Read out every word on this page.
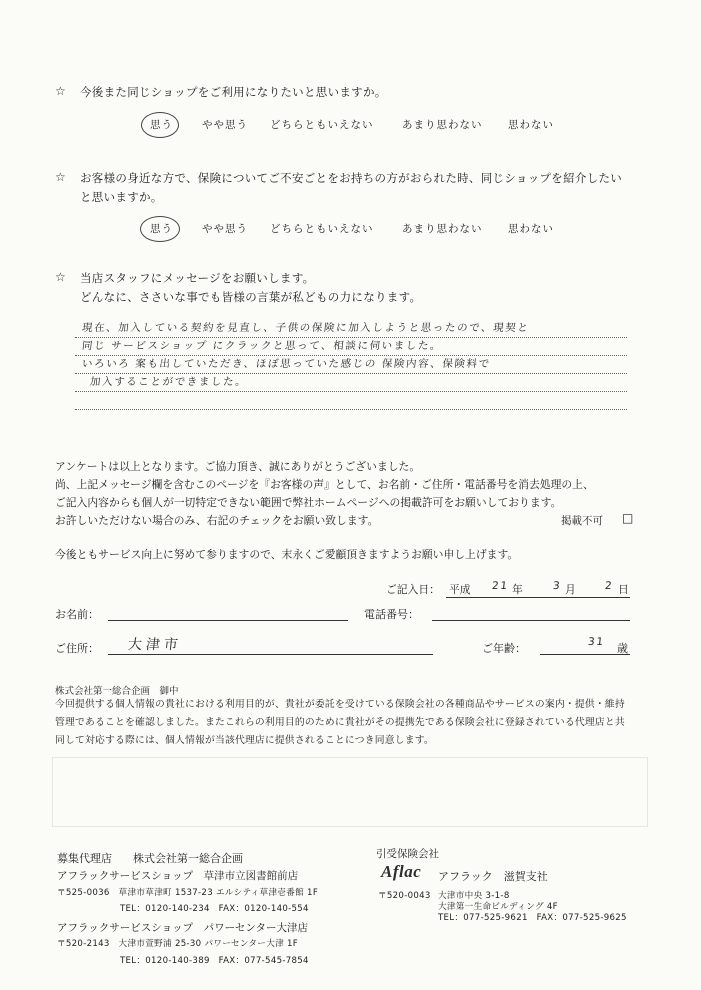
☆ 今後また同じショップをご利用になりたいと思いますか。
思う	やや思う どちらともいえない	あまり思わない 思わない
☆ お客様の身近な方で、保険についてご不安ごとをお持ちの方がおられた時、同じショップを紹介したい
と思いますか。
思う	やや思う どちらともいえない	あまり思わない 思わない
☆ 当店スタッフにメッセージをお願いします。
どんなに、ささいな事でも皆様の言葉が私どもの力になります。
現在、加入している契約を見直し、子供の保険に加入しようと思ったので、現契と
同じ サービスショップ にクラックと思って、相談に伺いました。
いろいろ 案も出していただき、ほぼ思っていた感じの 保険内容、保険料で
加入することができました。
アンケートは以上となります。ご協力頂き、誠にありがとうございました。
尚、上記メッセージ欄を含むこのページを『お客様の声』として、お名前・ご住所・電話番号を消去処理の上、
ご記入内容からも個人が一切特定できない範囲で弊社ホームページへの掲載許可をお願いしております。
お許しいただけない場合のみ、右記のチェックをお願い致します。	掲載不可 □
今後ともサービス向上に努めて参りますので、末永くご愛顧頂きますようお願い申し上げます。
ご記入日： 平成 21 年	3 月	2 日
お名前：	電話番号：
ご住所： 大津市	ご年齢：	31 歳
株式会社第一総合企画　御中
今回提供する個人情報の貴社における利用目的が、貴社が委託を受けている保険会社の各種商品やサービスの案内・提供・維持
管理であることを確認しました。またこれらの利用目的のために貴社がその提携先である保険会社に登録されている代理店と共
同して対応する際には、個人情報が当該代理店に提供されることにつき同意します。
募集代理店 株式会社第一総合企画
アフラックサービスショップ　草津市立図書館前店
〒525-0036　草津市草津町 1537-23 エルシティ草津壱番館 1F
TEL：0120-140-234　FAX：0120-140-554
アフラックサービスショップ　パワーセンター大津店
〒520-2143　大津市萱野浦 25-30 パワーセンター大津 1F
TEL：0120-140-389　FAX：077-545-7854
引受保険会社
Aflac アフラック　滋賀支社
〒520-0043 大津市中央 3-1-8
大津第一生命ビルディング 4F
TEL：077-525-9621　FAX：077-525-9625
